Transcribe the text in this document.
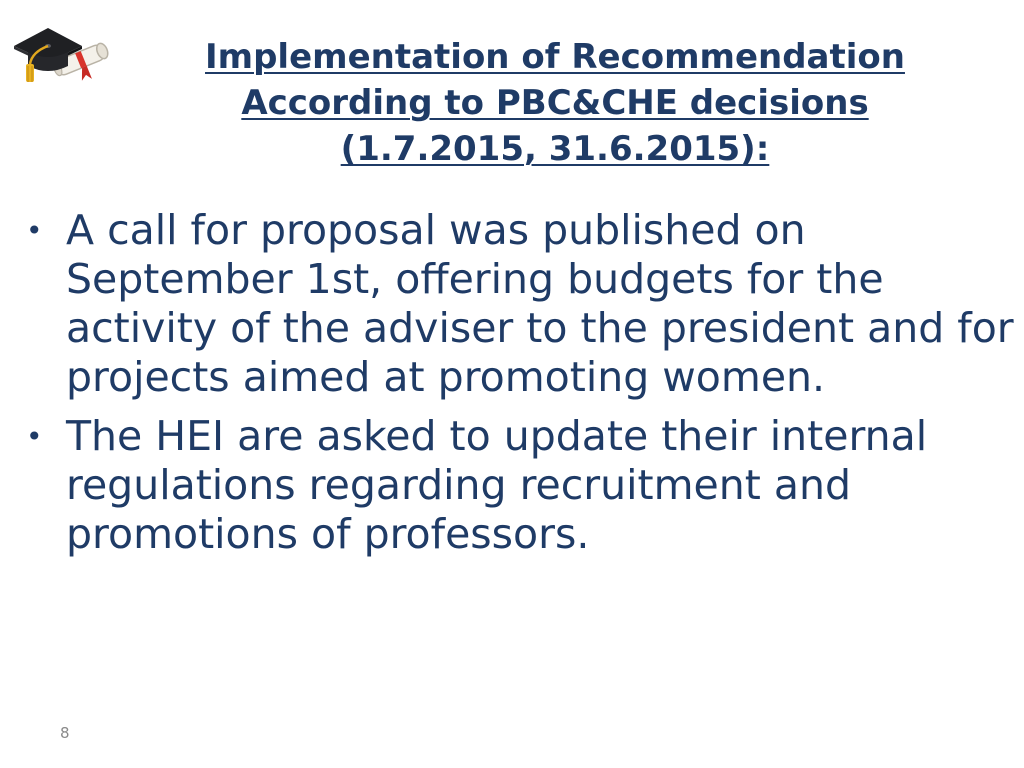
Implementation of Recommendation
According to PBC&CHE decisions
(1.7.2015, 31.6.2015):
• A call for proposal was published on September 1st, offering budgets for the activity of the adviser to the president and for projects aimed at promoting women.
• The HEI are asked to update their internal regulations regarding recruitment and promotions of professors.
8
